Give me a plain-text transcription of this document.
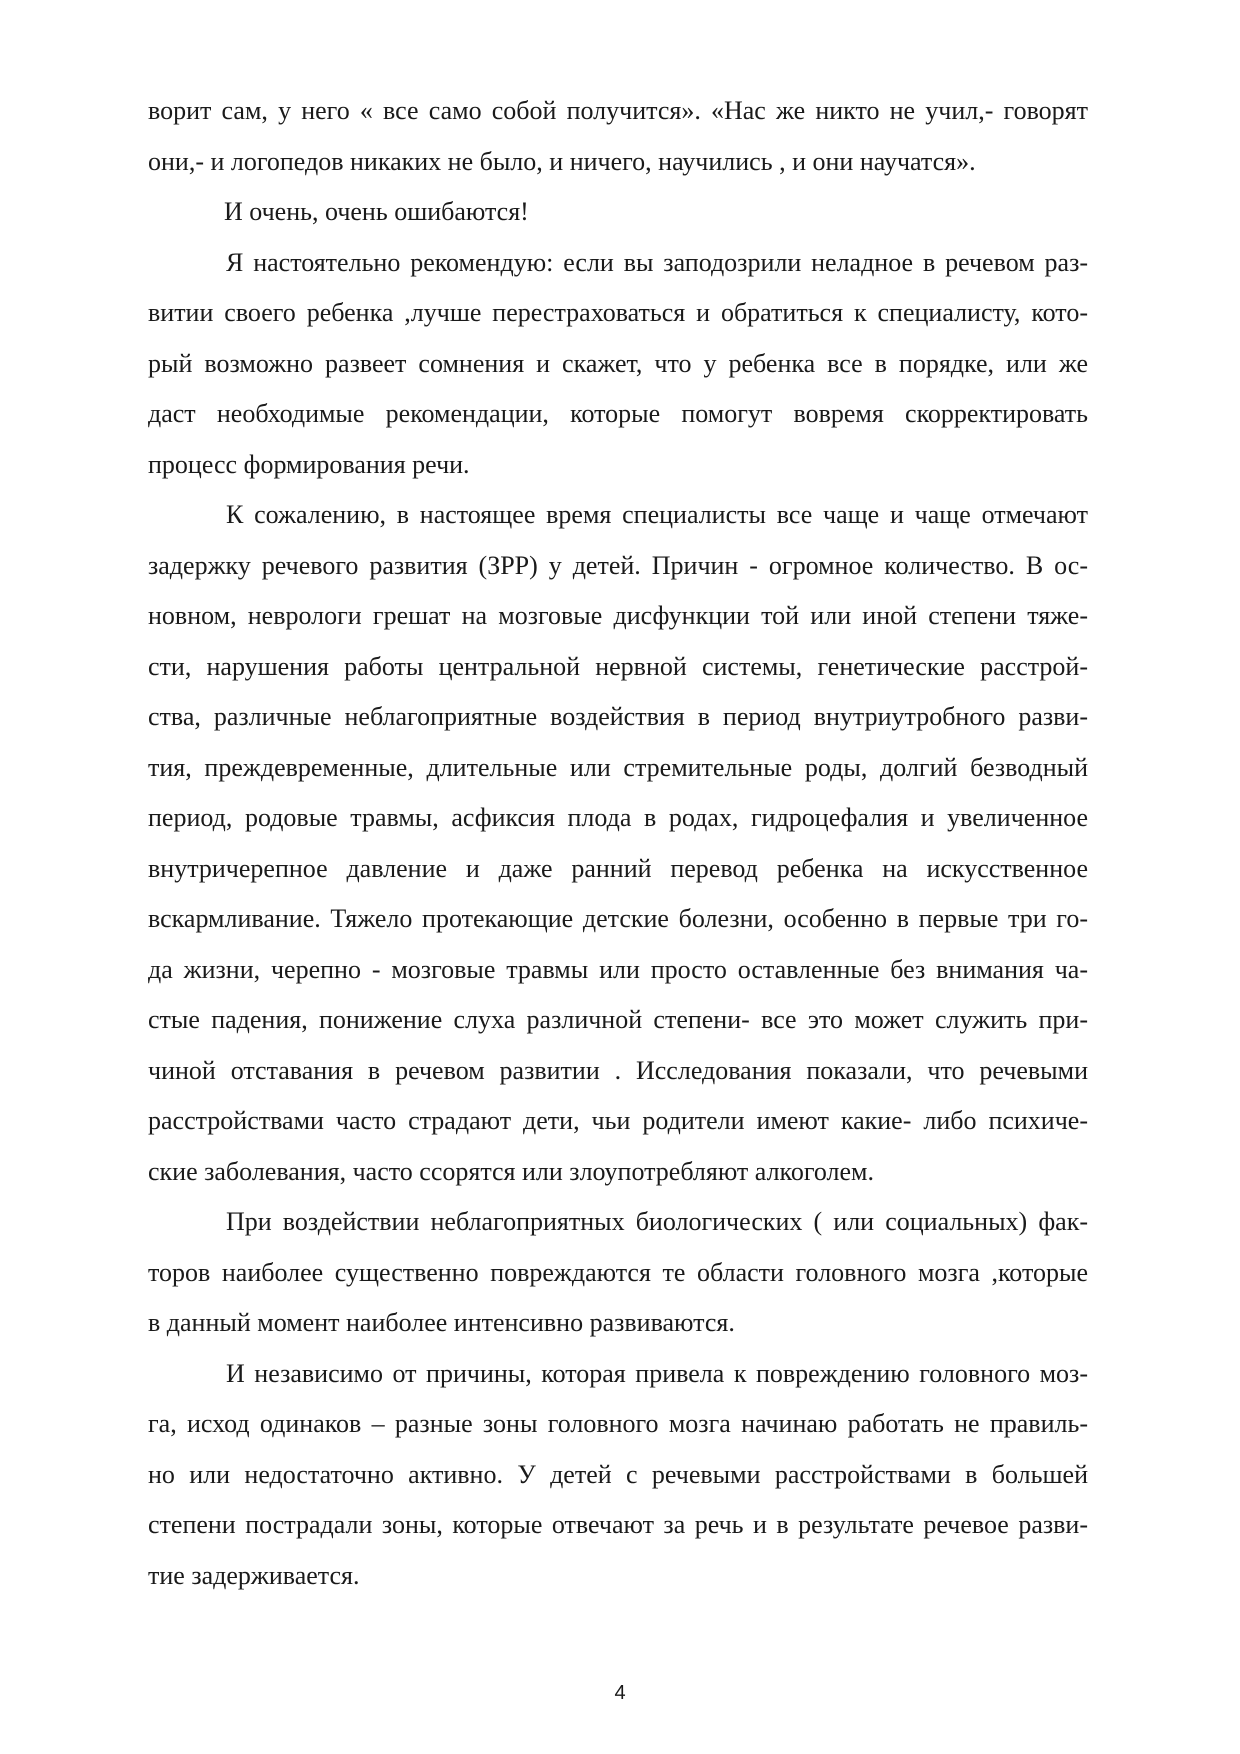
ворит сам, у него « все само собой получится». «Нас же никто не учил,- говорят
они,- и логопедов никаких не было, и ничего, научились , и они научатся».
И очень, очень ошибаются!
Я настоятельно рекомендую: если вы заподозрили неладное в речевом раз-
витии своего ребенка ,лучше перестраховаться и обратиться к специалисту, кото-
рый возможно развеет сомнения и скажет, что у ребенка все в порядке, или же
даст необходимые рекомендации, которые помогут вовремя скорректировать
процесс формирования речи.
К сожалению, в настоящее время специалисты все чаще и чаще отмечают
задержку речевого развития (ЗРР) у детей. Причин - огромное количество. В ос-
новном, неврологи грешат на мозговые дисфункции той или иной степени тяже-
сти, нарушения работы центральной нервной системы, генетические расстрой-
ства, различные неблагоприятные воздействия в период внутриутробного разви-
тия, преждевременные, длительные или стремительные роды, долгий безводный
период, родовые травмы, асфиксия плода в родах, гидроцефалия и увеличенное
внутричерепное давление и даже ранний перевод ребенка на искусственное
вскармливание. Тяжело протекающие детские болезни, особенно в первые три го-
да жизни, черепно - мозговые травмы или просто оставленные без внимания ча-
стые падения, понижение слуха различной степени- все это может служить при-
чиной отставания в речевом развитии . Исследования показали, что речевыми
расстройствами часто страдают дети, чьи родители имеют какие- либо психиче-
ские заболевания, часто ссорятся или злоупотребляют алкоголем.
При воздействии неблагоприятных биологических ( или социальных) фак-
торов наиболее существенно повреждаются те области головного мозга ,которые
в данный момент наиболее интенсивно развиваются.
И независимо от причины, которая привела к повреждению головного моз-
га, исход одинаков – разные зоны головного мозга начинаю работать не правиль-
но или недостаточно активно. У детей с речевыми расстройствами в большей
степени пострадали зоны, которые отвечают за речь и в результате речевое разви-
тие задерживается.
4
